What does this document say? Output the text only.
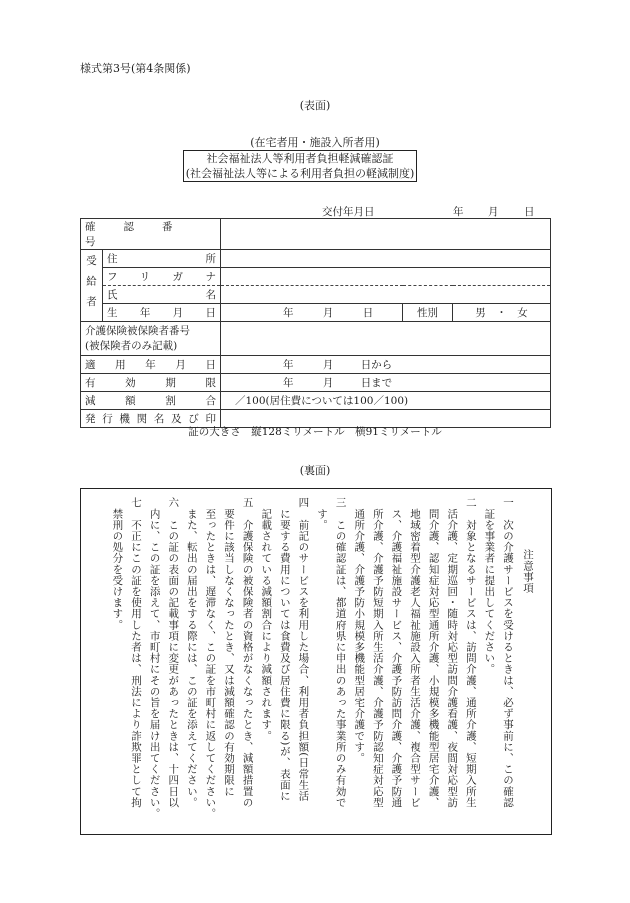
様式第3号(第4条関係)
(表面)
(在宅者用・施設入所者用)
社会福祉法人等利用者負担軽減確認証
(社会福祉法人等による利用者負担の軽減制度)
交付年月日	年 月 日
確認番号				

受給者	住所			
	フリガナ			
	氏名			
	生年月日	年 月 日	性別	男　・　女

介護保険被保険者番号
(被保険者のみ記載)				

適用年月日		年 月 日から		
有効期限		年 月 日まで		
減額割合		／100(居住費については100／100)		
発行機関名及び印				
証の大きさ　縦128ミリメートル　横91ミリメートル
(裏面)
注意事項
一　次の介護サービスを受けるときは、必ず事前に、この確認
　証を事業者に提出してください。
二　対象となるサービスは、訪問介護、通所介護、短期入所生
　活介護、定期巡回・随時対応型訪問介護看護、夜間対応型訪
　問介護、認知症対応型通所介護、小規模多機能型居宅介護、
　地域密着型介護老人福祉施設入所者生活介護、複合型サービ
　ス、介護福祉施設サービス、介護予防訪問介護、介護予防通
　所介護、介護予防短期入所生活介護、介護予防認知症対応型
　通所介護、介護予防小規模多機能型居宅介護です。
三　この確認証は、都道府県に申出のあった事業所のみ有効で
　す。
四　前記のサービスを利用した場合、利用者負担額(日常生活
　に要する費用については食費及び居住費に限る)が、表面に
　記載されている減額割合により減額されます。
五　介護保険の被保険者の資格がなくなったとき、減額措置の
　要件に該当しなくなったとき、又は減額確認の有効期限に
　至ったときは、遅滞なく、この証を市町村に返してください。
　また、転出の届出をする際には、この証を添えてください。
六　この証の表面の記載事項に変更があったときは、十四日以
　内に、この証を添えて、市町村にその旨を届け出てください。
七　不正にこの証を使用した者は、刑法により詐欺罪として拘
　禁刑の処分を受けます。
